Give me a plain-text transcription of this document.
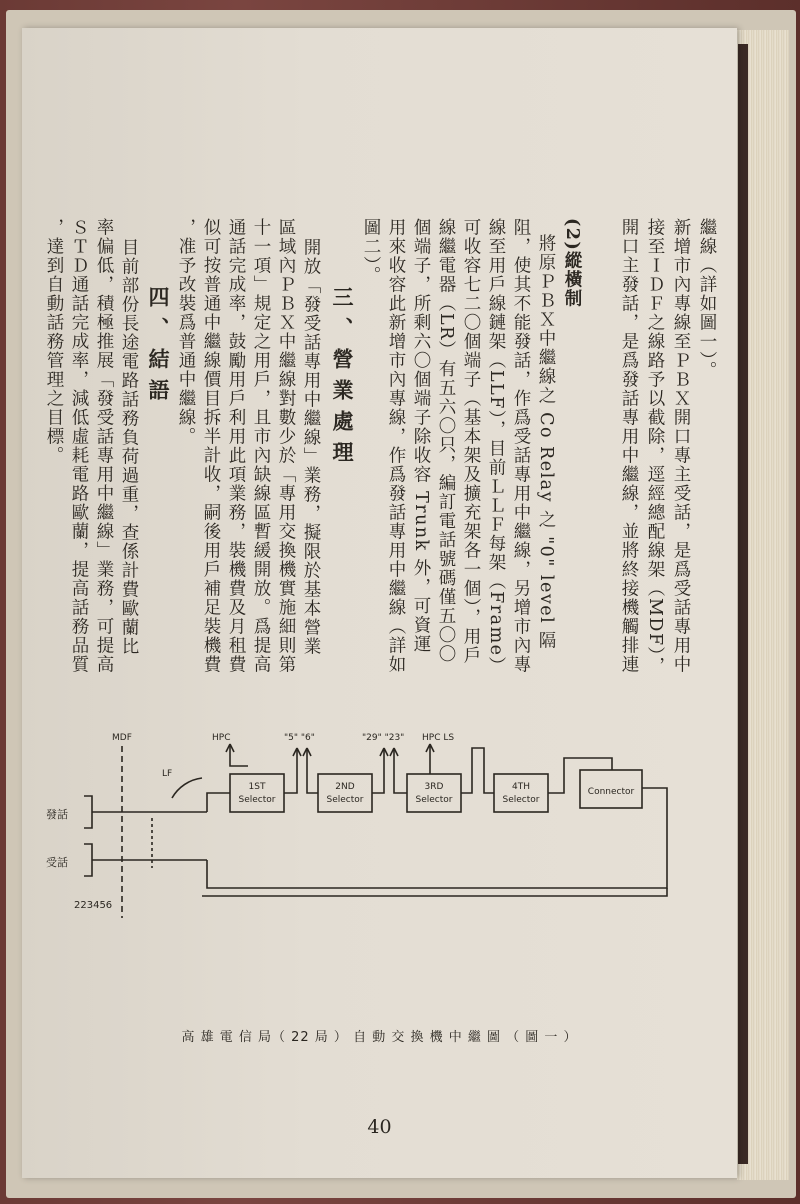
開口主發話，是爲發話專用中繼線，並將終接機觸排連 接至ＩＤＦ之線路予以截除，逕經總配線架（MDF）， 新增市內專線至ＰＢＸ開口專主受話，是爲受話專用中 繼線（詳如圖一）。
(2)縱橫制
將原ＰＢＸ中繼線之 Co Relay 之 "0" level 隔
阻，使其不能發話，作爲受話專用中繼線，另增市內專
線至用戶線鏈架（LLF），目前ＬＬＦ每架（Frame）
可收容七二〇個端子（基本架及擴充架各一個），用戶
線繼電器（LR）有五六〇只，編訂電話號碼僅五〇〇
個端子，所剩六〇個端子除收容 Trunk 外，可資運
用來收容此新增市內專線，作爲發話專用中繼線（詳如
圖二）。
三、營業處理
開放「發受話專用中繼線」業務，擬限於基本營業
區域內ＰＢＸ中繼線對數少於「專用交換機實施細則第
十一項」規定之用戶，且市內缺線區暫緩開放。爲提高
通話完成率，鼓勵用戶利用此項業務，裝機費及月租費
似可按普通中繼線價目拆半計收，嗣後用戶補足裝機費
，准予改裝爲普通中繼線。
四、結語
目前部份長途電路話務負荷過重，查係計費歐蘭比
率偏低，積極推展「發受話專用中繼線」業務，可提高
ＳＴＤ通話完成率，減低虛耗電路歐蘭，提高話務品質
，達到自動話務管理之目標。
MDF
LF
HPC	"5" "6"	"29" "23" HPC LS
發話
受話
223456
1ST
Selector
2ND
Selector
3RD
Selector
4TH
Selector
Connector
高 雄 電 信 局（ 22 局 ） 自 動 交 換 機 中 繼 圖 （ 圖 一 ）
40
